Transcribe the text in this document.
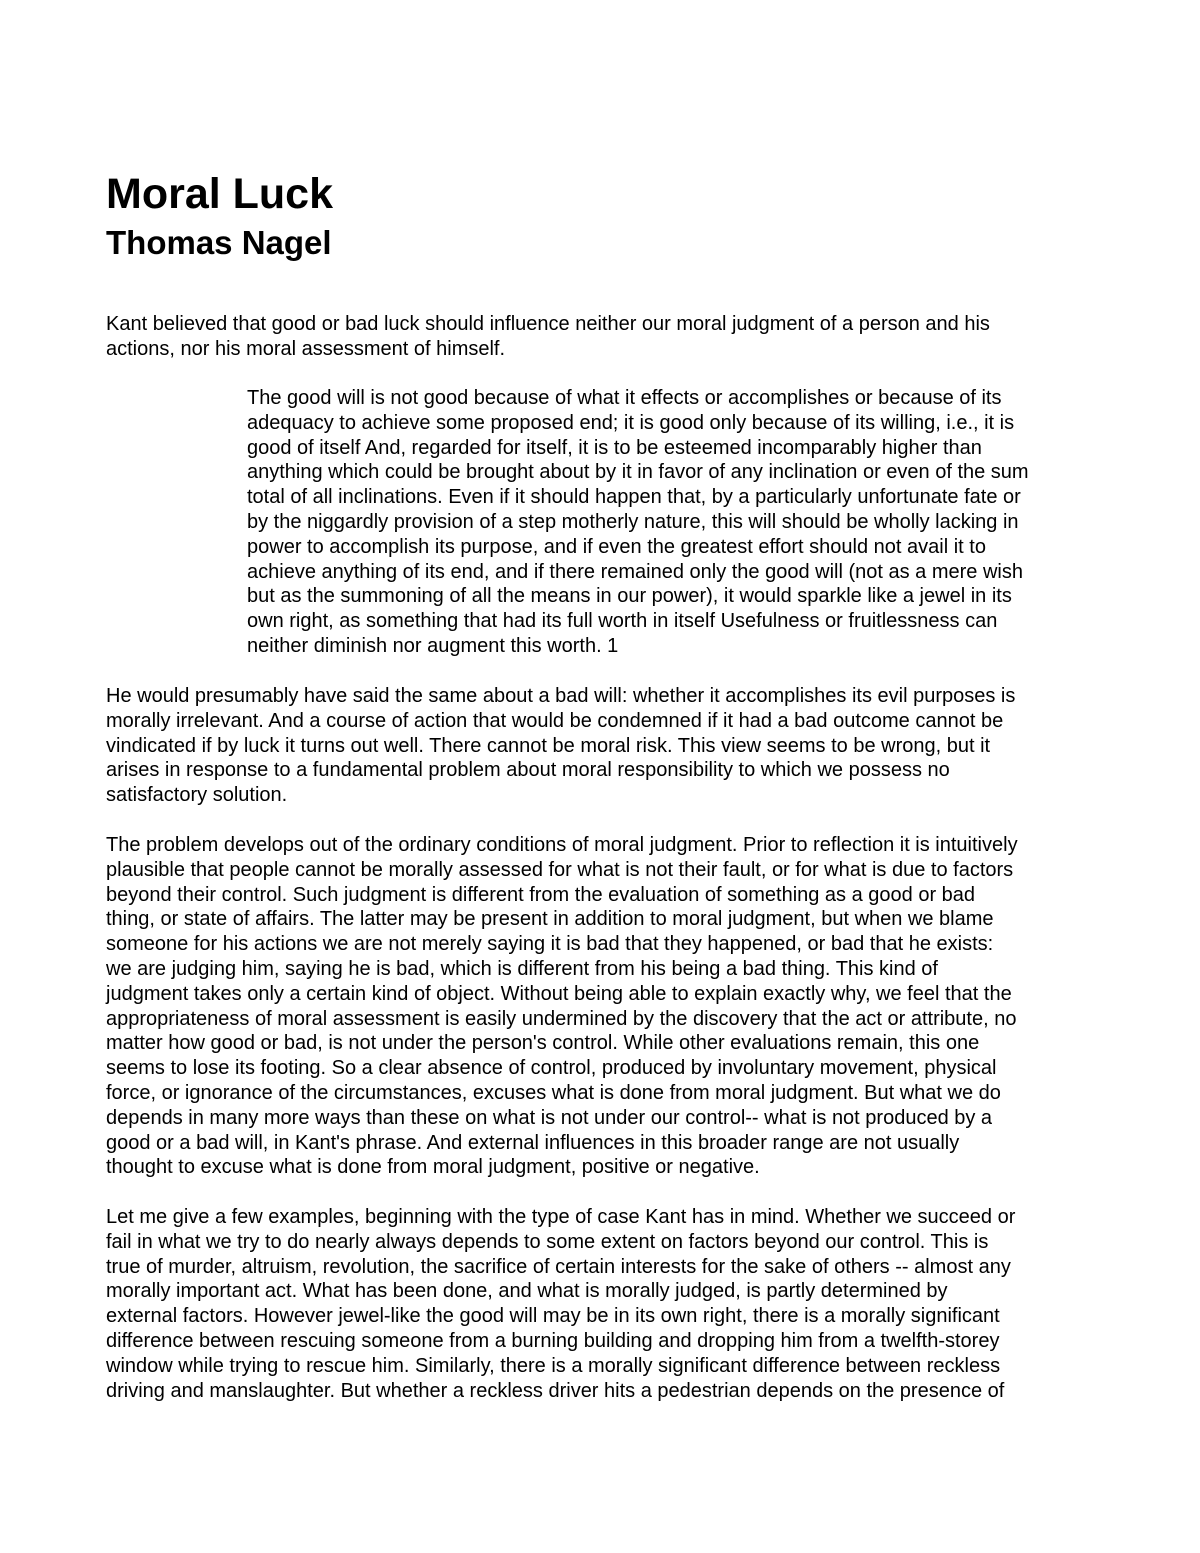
Moral Luck
Thomas Nagel

Kant believed that good or bad luck should influence neither our moral judgment of a person and his
actions, nor his moral assessment of himself.

The good will is not good because of what it effects or accomplishes or because of its
adequacy to achieve some proposed end; it is good only because of its willing, i.e., it is
good of itself And, regarded for itself, it is to be esteemed incomparably higher than
anything which could be brought about by it in favor of any inclination or even of the sum
total of all inclinations. Even if it should happen that, by a particularly unfortunate fate or
by the niggardly provision of a step motherly nature, this will should be wholly lacking in
power to accomplish its purpose, and if even the greatest effort should not avail it to
achieve anything of its end, and if there remained only the good will (not as a mere wish
but as the summoning of all the means in our power), it would sparkle like a jewel in its
own right, as something that had its full worth in itself Usefulness or fruitlessness can
neither diminish nor augment this worth. 1

He would presumably have said the same about a bad will: whether it accomplishes its evil purposes is
morally irrelevant. And a course of action that would be condemned if it had a bad outcome cannot be
vindicated if by luck it turns out well. There cannot be moral risk. This view seems to be wrong, but it
arises in response to a fundamental problem about moral responsibility to which we possess no
satisfactory solution.

The problem develops out of the ordinary conditions of moral judgment. Prior to reflection it is intuitively
plausible that people cannot be morally assessed for what is not their fault, or for what is due to factors
beyond their control. Such judgment is different from the evaluation of something as a good or bad
thing, or state of affairs. The latter may be present in addition to moral judgment, but when we blame
someone for his actions we are not merely saying it is bad that they happened, or bad that he exists:
we are judging him, saying he is bad, which is different from his being a bad thing. This kind of
judgment takes only a certain kind of object. Without being able to explain exactly why, we feel that the
appropriateness of moral assessment is easily undermined by the discovery that the act or attribute, no
matter how good or bad, is not under the person's control. While other evaluations remain, this one
seems to lose its footing. So a clear absence of control, produced by involuntary movement, physical
force, or ignorance of the circumstances, excuses what is done from moral judgment. But what we do
depends in many more ways than these on what is not under our control-- what is not produced by a
good or a bad will, in Kant's phrase. And external influences in this broader range are not usually
thought to excuse what is done from moral judgment, positive or negative.

Let me give a few examples, beginning with the type of case Kant has in mind. Whether we succeed or
fail in what we try to do nearly always depends to some extent on factors beyond our control. This is
true of murder, altruism, revolution, the sacrifice of certain interests for the sake of others -- almost any
morally important act. What has been done, and what is morally judged, is partly determined by
external factors. However jewel-like the good will may be in its own right, there is a morally significant
difference between rescuing someone from a burning building and dropping him from a twelfth-storey
window while trying to rescue him. Similarly, there is a morally significant difference between reckless
driving and manslaughter. But whether a reckless driver hits a pedestrian depends on the presence of
